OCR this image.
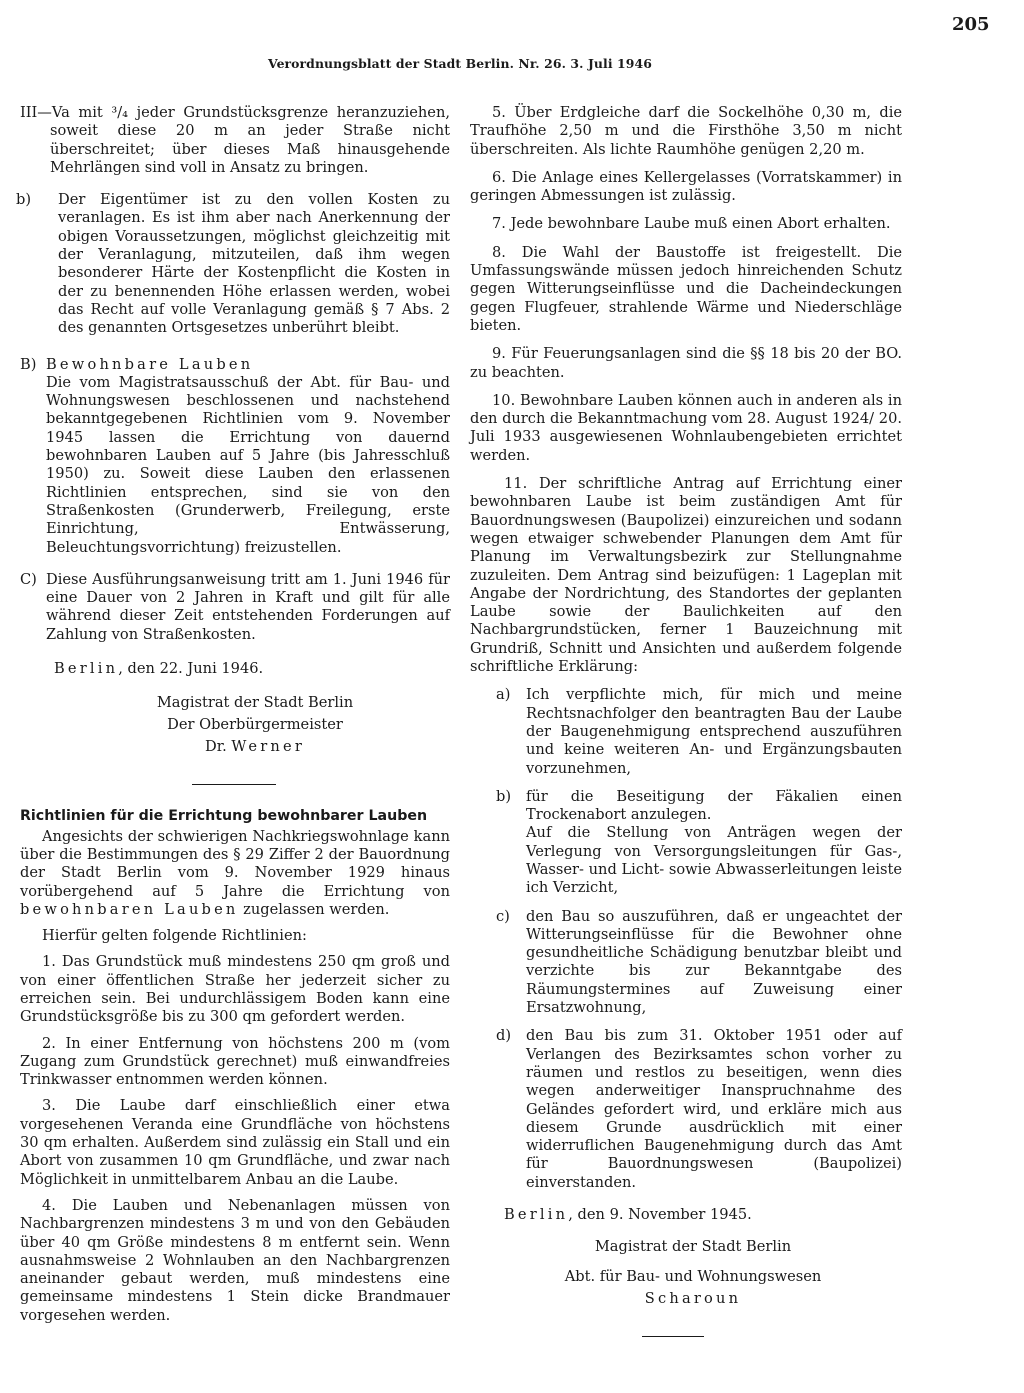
205
Verordnungsblatt der Stadt Berlin. Nr. 26. 3. Juli 1946

III—Va mit ³/₄ jeder Grundstücksgrenze heranzuziehen, soweit diese 20 m an jeder Straße nicht überschreitet; über dieses Maß hinausgehende Mehrlängen sind voll in Ansatz zu bringen.

b) Der Eigentümer ist zu den vollen Kosten zu veranlagen. Es ist ihm aber nach Anerkennung der obigen Voraussetzungen, möglichst gleichzeitig mit der Veranlagung, mitzuteilen, daß ihm wegen besonderer Härte der Kostenpflicht die Kosten in der zu benennenden Höhe erlassen werden, wobei das Recht auf volle Veranlagung gemäß § 7 Abs. 2 des genannten Ortsgesetzes unberührt bleibt.

B) Bewohnbare Lauben

Die vom Magistratsausschuß der Abt. für Bau- und Wohnungswesen beschlossenen und nachstehend bekanntgegebenen Richtlinien vom 9. November 1945 lassen die Errichtung von dauernd bewohnbaren Lauben auf 5 Jahre (bis Jahresschluß 1950) zu. Soweit diese Lauben den erlassenen Richtlinien entsprechen, sind sie von den Straßenkosten (Grunderwerb, Freilegung, erste Einrichtung, Entwässerung, Beleuchtungsvorrichtung) freizustellen.

C) Diese Ausführungsanweisung tritt am 1. Juni 1946 für eine Dauer von 2 Jahren in Kraft und gilt für alle während dieser Zeit entstehenden Forderungen auf Zahlung von Straßenkosten.

Berlin, den 22. Juni 1946.
Magistrat der Stadt Berlin
Der Oberbürgermeister
Dr. Werner
Richtlinien für die Errichtung bewohnbarer Lauben

Angesichts der schwierigen Nachkriegswohnlage kann über die Bestimmungen des § 29 Ziffer 2 der Bauordnung der Stadt Berlin vom 9. November 1929 hinaus vorübergehend auf 5 Jahre die Errichtung von bewohnbaren Lauben zugelassen werden.

Hierfür gelten folgende Richtlinien:

1. Das Grundstück muß mindestens 250 qm groß und von einer öffentlichen Straße her jederzeit sicher zu erreichen sein. Bei undurchlässigem Boden kann eine Grundstücksgröße bis zu 300 qm gefordert werden.

2. In einer Entfernung von höchstens 200 m (vom Zugang zum Grundstück gerechnet) muß einwandfreies Trinkwasser entnommen werden können.

3. Die Laube darf einschließlich einer etwa vorgesehenen Veranda eine Grundfläche von höchstens 30 qm erhalten. Außerdem sind zulässig ein Stall und ein Abort von zusammen 10 qm Grundfläche, und zwar nach Möglichkeit in unmittelbarem Anbau an die Laube.

4. Die Lauben und Nebenanlagen müssen von Nachbargrenzen mindestens 3 m und von den Gebäuden über 40 qm Größe mindestens 8 m entfernt sein. Wenn ausnahmsweise 2 Wohnlauben an den Nachbargrenzen aneinander gebaut werden, muß mindestens eine gemeinsame mindestens 1 Stein dicke Brandmauer vorgesehen werden.

5. Über Erdgleiche darf die Sockelhöhe 0,30 m, die Traufhöhe 2,50 m und die Firsthöhe 3,50 m nicht überschreiten. Als lichte Raumhöhe genügen 2,20 m.

6. Die Anlage eines Kellergelasses (Vorratskammer) in geringen Abmessungen ist zulässig.

7. Jede bewohnbare Laube muß einen Abort erhalten.

8. Die Wahl der Baustoffe ist freigestellt. Die Umfassungswände müssen jedoch hinreichenden Schutz gegen Witterungseinflüsse und die Dacheindeckungen gegen Flugfeuer, strahlende Wärme und Niederschläge bieten.

9. Für Feuerungsanlagen sind die §§ 18 bis 20 der BO. zu beachten.

10. Bewohnbare Lauben können auch in anderen als in den durch die Bekanntmachung vom 28. August 1924/ 20. Juli 1933 ausgewiesenen Wohnlaubengebieten errichtet werden.

11. Der schriftliche Antrag auf Errichtung einer bewohnbaren Laube ist beim zuständigen Amt für Bauordnungswesen (Baupolizei) einzureichen und sodann wegen etwaiger schwebender Planungen dem Amt für Planung im Verwaltungsbezirk zur Stellungnahme zuzuleiten. Dem Antrag sind beizufügen: 1 Lageplan mit Angabe der Nordrichtung, des Standortes der geplanten Laube sowie der Baulichkeiten auf den Nachbargrundstücken, ferner 1 Bauzeichnung mit Grundriß, Schnitt und Ansichten und außerdem folgende schriftliche Erklärung:

a) Ich verpflichte mich, für mich und meine Rechtsnachfolger den beantragten Bau der Laube der Baugenehmigung entsprechend auszuführen und keine weiteren An- und Ergänzungsbauten vorzunehmen,

b) für die Beseitigung der Fäkalien einen Trockenabort anzulegen.

Auf die Stellung von Anträgen wegen der Verlegung von Versorgungsleitungen für Gas-, Wasser- und Licht- sowie Abwasserleitungen leiste ich Verzicht,

c) den Bau so auszuführen, daß er ungeachtet der Witterungseinflüsse für die Bewohner ohne gesundheitliche Schädigung benutzbar bleibt und verzichte bis zur Bekanntgabe des Räumungstermines auf Zuweisung einer Ersatzwohnung,

d) den Bau bis zum 31. Oktober 1951 oder auf Verlangen des Bezirksamtes schon vorher zu räumen und restlos zu beseitigen, wenn dies wegen anderweitiger Inanspruchnahme des Geländes gefordert wird, und erkläre mich aus diesem Grunde ausdrücklich mit einer widerruflichen Baugenehmigung durch das Amt für Bauordnungswesen (Baupolizei) einverstanden.

Berlin, den 9. November 1945.
Magistrat der Stadt Berlin
Abt. für Bau- und Wohnungswesen
Scharoun
